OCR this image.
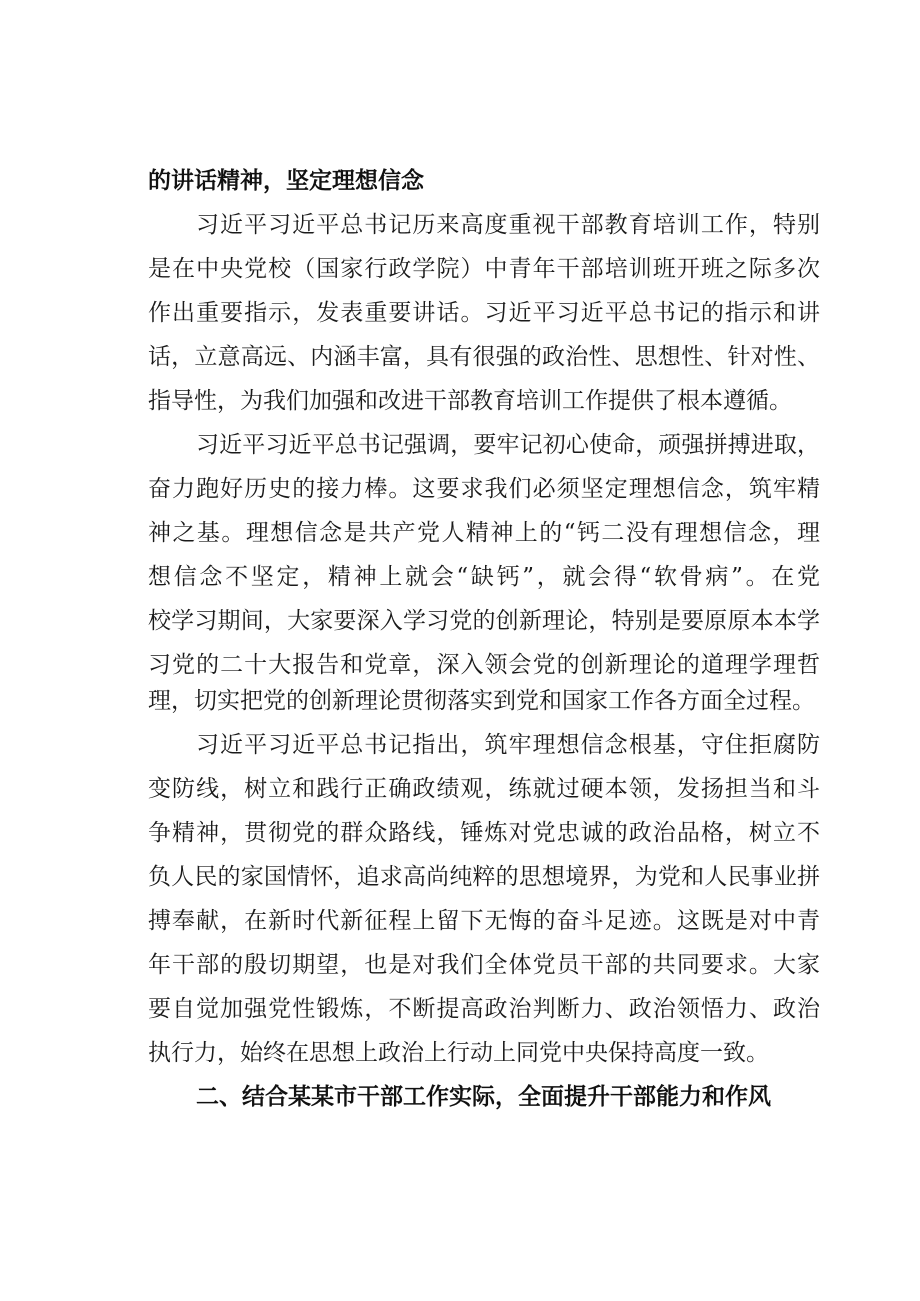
的讲话精神，坚定理想信念
习近平习近平总书记历来高度重视干部教育培训工作，特别
是在中央党校（国家行政学院）中青年干部培训班开班之际多次
作出重要指示，发表重要讲话。习近平习近平总书记的指示和讲
话，立意高远、内涵丰富，具有很强的政治性、思想性、针对性、
指导性，为我们加强和改进干部教育培训工作提供了根本遵循。
习近平习近平总书记强调，要牢记初心使命，顽强拼搏进取，
奋力跑好历史的接力棒。这要求我们必须坚定理想信念，筑牢精
神之基。理想信念是共产党人精神上的“钙二没有理想信念，理
想信念不坚定，精神上就会“缺钙”，就会得“软骨病”。在党
校学习期间，大家要深入学习党的创新理论，特别是要原原本本学
习党的二十大报告和党章，深入领会党的创新理论的道理学理哲
理，切实把党的创新理论贯彻落实到党和国家工作各方面全过程。
习近平习近平总书记指出，筑牢理想信念根基，守住拒腐防
变防线，树立和践行正确政绩观，练就过硬本领，发扬担当和斗
争精神，贯彻党的群众路线，锤炼对党忠诚的政治品格，树立不
负人民的家国情怀，追求高尚纯粹的思想境界，为党和人民事业拼
搏奉献，在新时代新征程上留下无悔的奋斗足迹。这既是对中青
年干部的殷切期望，也是对我们全体党员干部的共同要求。大家
要自觉加强党性锻炼，不断提高政治判断力、政治领悟力、政治
执行力，始终在思想上政治上行动上同党中央保持高度一致。
二、结合某某市干部工作实际，全面提升干部能力和作风
